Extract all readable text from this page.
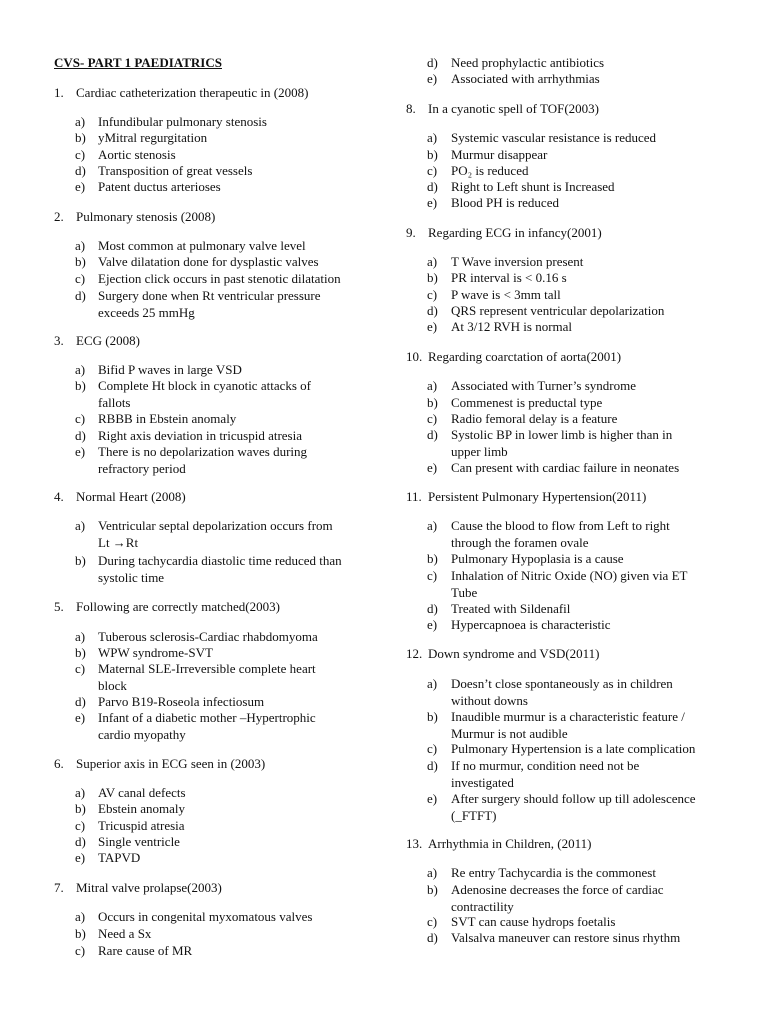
CVS- PART 1 PAEDIATRICS
1. Cardiac catheterization therapeutic in (2008)
a) Infundibular pulmonary stenosis
b) yMitral regurgitation
c) Aortic stenosis
d) Transposition of great vessels
e) Patent ductus arterioses
2. Pulmonary stenosis (2008)
a) Most common at pulmonary valve level
b) Valve dilatation done for dysplastic valves
c) Ejection click occurs in past stenotic dilatation
d) Surgery done when Rt ventricular pressure
exceeds 25 mmHg
3. ECG (2008)
a) Bifid P waves in large VSD
b) Complete Ht block in cyanotic attacks of
fallots
c) RBBB in Ebstein anomaly
d) Right axis deviation in tricuspid atresia
e) There is no depolarization waves during
refractory period
4. Normal Heart (2008)
a) Ventricular septal depolarization occurs from
Lt →Rt
b) During tachycardia diastolic time reduced than
systolic time
5. Following are correctly matched(2003)
a) Tuberous sclerosis-Cardiac rhabdomyoma
b) WPW syndrome-SVT
c) Maternal SLE-Irreversible complete heart
block
d) Parvo B19-Roseola infectiosum
e) Infant of a diabetic mother –Hypertrophic
cardio myopathy
6. Superior axis in ECG seen in (2003)
a) AV canal defects
b) Ebstein anomaly
c) Tricuspid atresia
d) Single ventricle
e) TAPVD
7. Mitral valve prolapse(2003)
a) Occurs in congenital myxomatous valves
b) Need a Sx
c) Rare cause of MR
d) Need prophylactic antibiotics
e) Associated with arrhythmias
8. In a cyanotic spell of TOF(2003)
a) Systemic vascular resistance is reduced
b) Murmur disappear
c) PO₂ is reduced
d) Right to Left shunt is Increased
e) Blood PH is reduced
9. Regarding ECG in infancy(2001)
a) T Wave inversion present
b) PR interval is < 0.16 s
c) P wave is < 3mm tall
d) QRS represent ventricular depolarization
e) At 3/12 RVH is normal
10. Regarding coarctation of aorta(2001)
a) Associated with Turner’s syndrome
b) Commenest is preductal type
c) Radio femoral delay is a feature
d) Systolic BP in lower limb is higher than in
upper limb
e) Can present with cardiac failure in neonates
11. Persistent Pulmonary Hypertension(2011)
a) Cause the blood to flow from Left to right
through the foramen ovale
b) Pulmonary Hypoplasia is a cause
c) Inhalation of Nitric Oxide (NO) given via ET
Tube
d) Treated with Sildenafil
e) Hypercapnoea is characteristic
12. Down syndrome and VSD(2011)
a) Doesn’t close spontaneously as in children
without downs
b) Inaudible murmur is a characteristic feature /
Murmur is not audible
c) Pulmonary Hypertension is a late complication
d) If no murmur, condition need not be
investigated
e) After surgery should follow up till adolescence
(_FTFT)
13. Arrhythmia in Children, (2011)
a) Re entry Tachycardia is the commonest
b) Adenosine decreases the force of cardiac
contractility
c) SVT can cause hydrops foetalis
d) Valsalva maneuver can restore sinus rhythm
